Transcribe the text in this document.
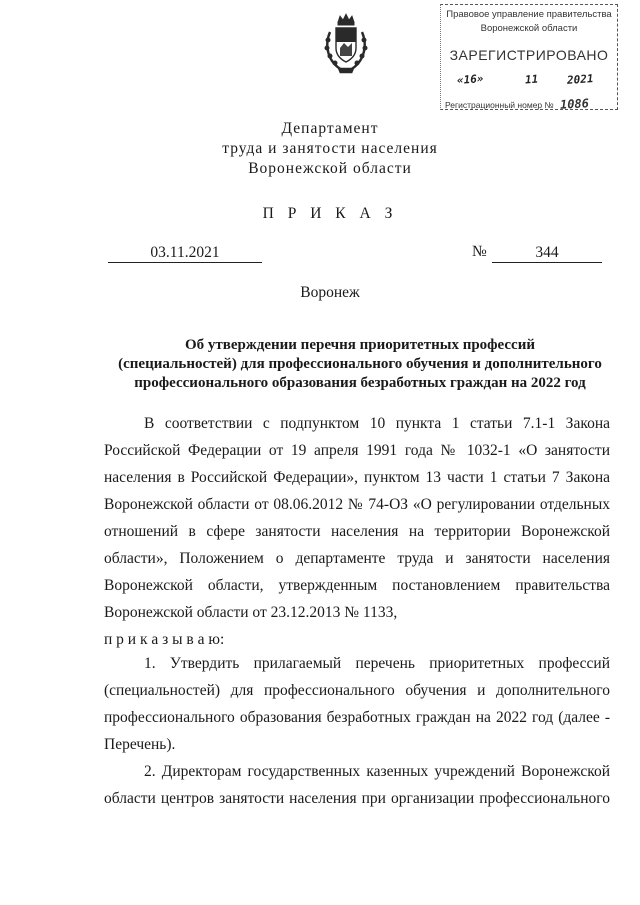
Правовое управление правительства
Воронежской области
ЗАРЕГИСТРИРОВАНО
«16»	11	2021
Регистрационный номер № 1086
Департамент
труда и занятости населения
Воронежской области
П Р И К А З
03.11.2021	№	344
Воронеж
Об утверждении перечня приоритетных профессий
(специальностей) для профессионального обучения и дополнительного
профессионального образования безработных граждан на 2022 год
В соответствии с подпунктом 10 пункта 1 статьи 7.1-1 Закона
Российской Федерации от 19 апреля 1991 года № 1032-1 «О занятости
населения в Российской Федерации», пунктом 13 части 1 статьи 7 Закона
Воронежской области от 08.06.2012 № 74-ОЗ «О регулировании отдельных
отношений в сфере занятости населения на территории Воронежской
области», Положением о департаменте труда и занятости населения
Воронежской области, утвержденным постановлением правительства
Воронежской области от 23.12.2013 № 1133,
п р и к а з ы в а ю:
1. Утвердить прилагаемый перечень приоритетных профессий
(специальностей) для профессионального обучения и дополнительного
профессионального образования безработных граждан на 2022 год (далее -
Перечень).
2. Директорам государственных казенных учреждений Воронежской
области центров занятости населения при организации профессионального
